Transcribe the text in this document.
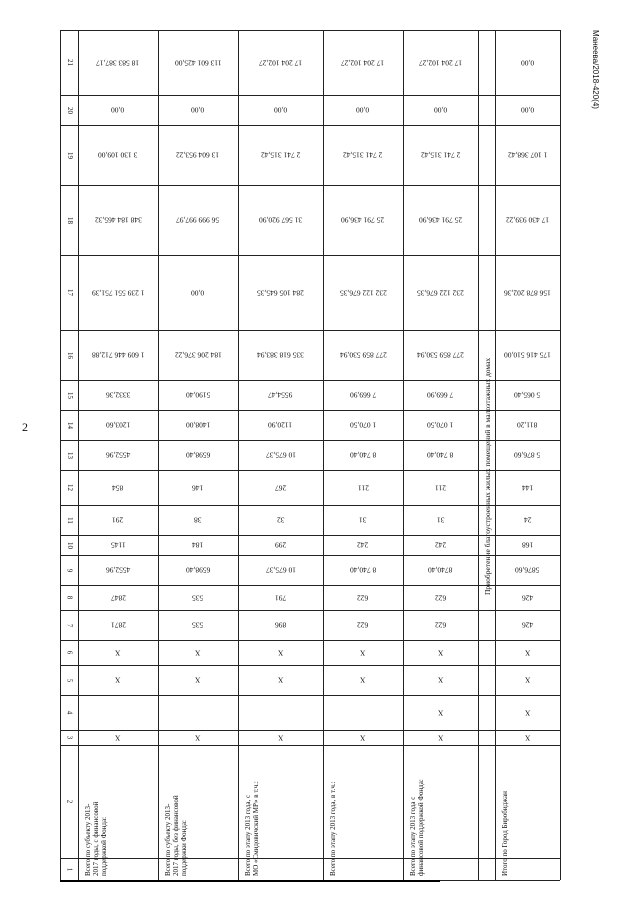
2
Манеева/2018-420(4)
1
2
3
4
5
6
7
8
9
10
11
12
13
14
15
16
17
18
19
20
21
Всего по субъекту 2013- 2017 годы, с финансовой поддержкой Фонда:
X
X
X
2871
2847
4552,96
1145
291
854
4552,96
1203,60
3332,36
1 609 446 712,88
1 239 551 751,39
348 184 465,32
3 130 109,00
0,00
18 583 387,17
Всего по субъекту 2013- 2017 годы, без финансовой поддержки Фонда:
X
X
X
535
535
6598,40
184
38
146
6598,40
1408,00
5190,40
184 206 376,22
0,00
56 999 997,97
13 604 953,22
0,00
113 601 425,00
Всего по этапу 2013 года, с МО «Смидовичский МР» в т.ч.:
X
X
X
896
791
10 675,37
299
32
267
10 675,37
1120,90
9554,47
335 618 383,94
284 105 645,35
31 567 920,90
2 741 315,42
0,00
17 204 102,27
Всего по этапу 2013 года, в т.ч.:
X
X
X
622
622
8 740,40
242
31
211
8 740,40
1 070,50
7 669,90
277 859 530,94
232 122 676,35
25 791 436,90
2 741 315,42
0,00
17 204 102,27
Всего по этапу 2013 года с финансовой поддержкой Фонда:
X
X
X
X
622
622
8740,40
242
31
211
8 740,40
1 070,50
7 669,90
277 859 530,94
232 122 676,35
25 791 436,90
2 741 315,42
0,00
17 204 102,27
Итого по Город Биробиджан
X
X
X
X
426
426
5876,60
168
24
144
5 876,60
811,20
5 065,40
175 416 510,00
156 878 202,36
17 430 939,22
1 107 368,42
0,00
0,00
Приобретение благоустроенных жилых помещений в малоэтажных домах
